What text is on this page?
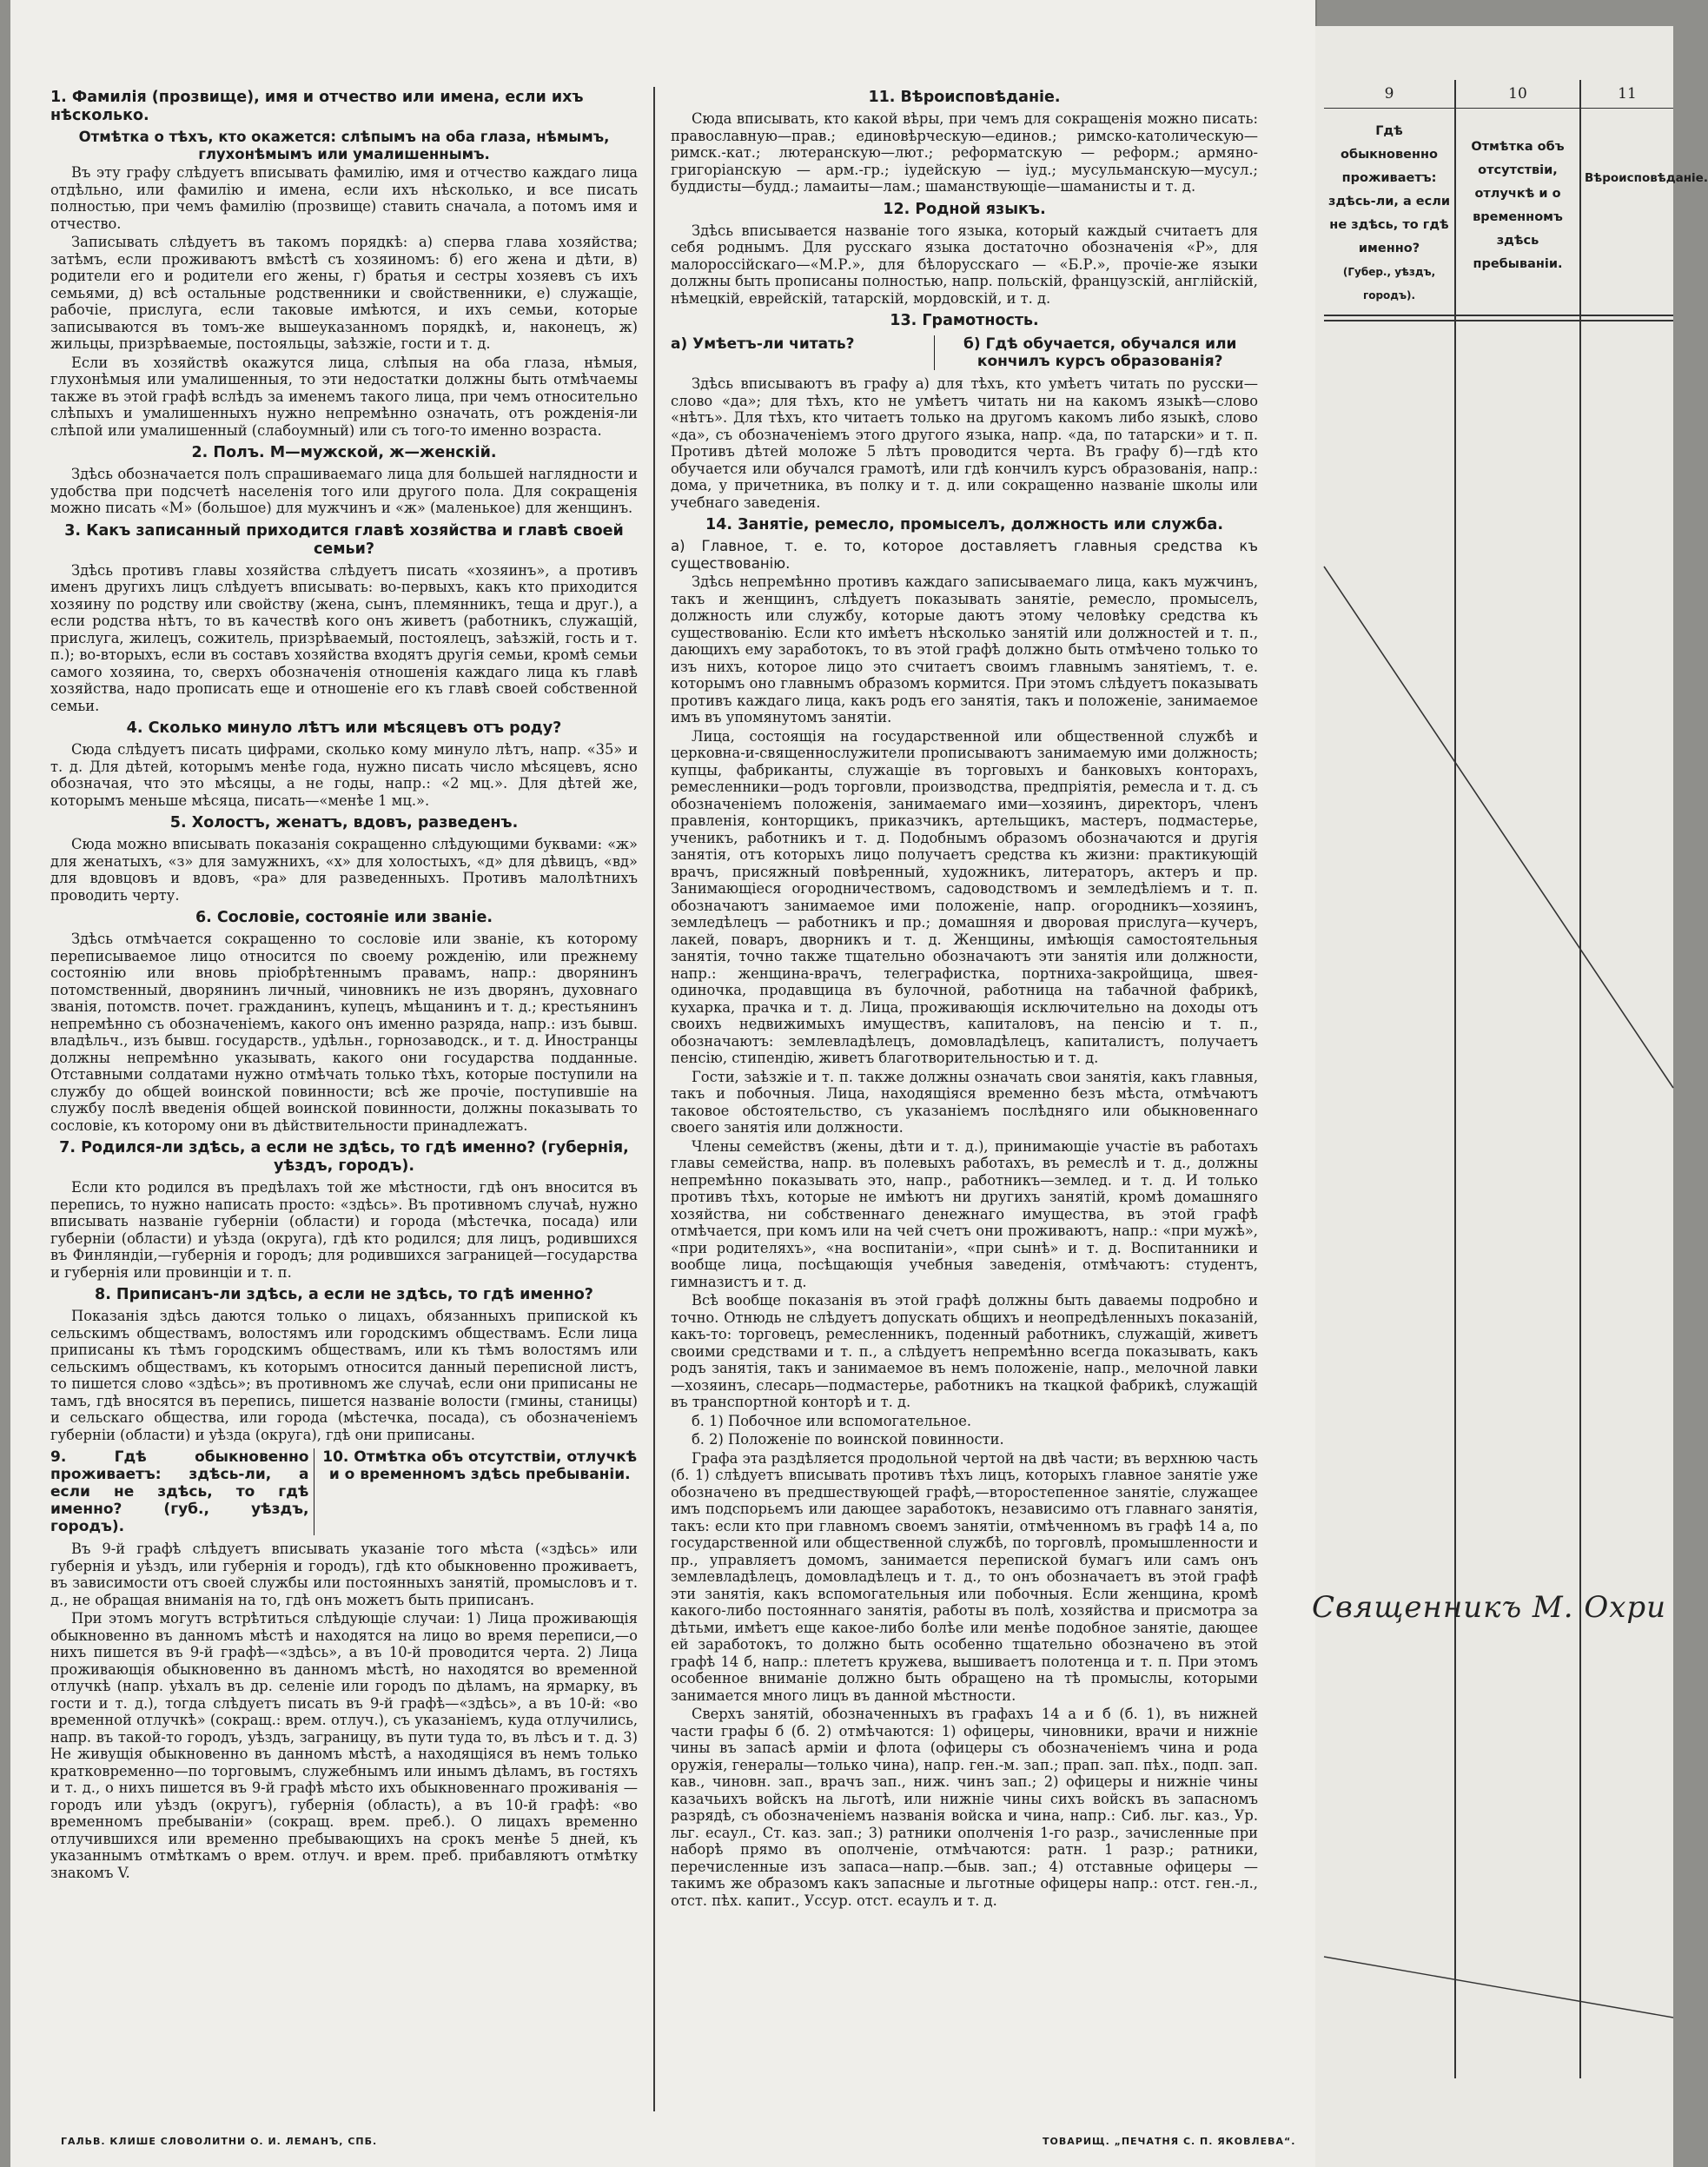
1. Фамилія (прозвище), имя и отчество или имена, если ихъ нѣсколько.

Отмѣтка о тѣхъ, кто окажется: слѣпымъ на оба глаза, нѣмымъ, глухонѣмымъ или умалишеннымъ.

Въ эту графу слѣдуетъ вписывать фамилію, имя и отчество каждаго лица отдѣльно, или фамилію и имена, если ихъ нѣсколько, и все писать полностью, при чемъ фамилію (прозвище) ставить сначала, а потомъ имя и отчество.

Записывать слѣдуетъ въ такомъ порядкѣ: а) сперва глава хозяйства; затѣмъ, если проживаютъ вмѣстѣ съ хозяиномъ: б) его жена и дѣти, в) родители его и родители его жены, г) братья и сестры хозяевъ съ ихъ семьями, д) всѣ остальные родственники и свойственники, е) служащіе, рабочіе, прислуга, если таковые имѣются, и ихъ семьи, которые записываются въ томъ-же вышеуказанномъ порядкѣ, и, наконецъ, ж) жильцы, призрѣваемые, постояльцы, заѣзжіе, гости и т. д.

Если въ хозяйствѣ окажутся лица, слѣпыя на оба глаза, нѣмыя, глухонѣмыя или умалишенныя, то эти недостатки должны быть отмѣчаемы также въ этой графѣ вслѣдъ за именемъ такого лица, при чемъ относительно слѣпыхъ и умалишенныхъ нужно непремѣнно означать, отъ рожденія-ли слѣпой или умалишенный (слабоумный) или съ того-то именно возраста.

2. Полъ. М—мужской, ж—женскій.

Здѣсь обозначается полъ спрашиваемаго лица для большей наглядности и удобства при подсчетѣ населенія того или другого пола. Для сокращенія можно писать «М» (большое) для мужчинъ и «ж» (маленькое) для женщинъ.

3. Какъ записанный приходится главѣ хозяйства и главѣ своей семьи?

Здѣсь противъ главы хозяйства слѣдуетъ писать «хозяинъ», а противъ именъ другихъ лицъ слѣдуетъ вписывать: во-первыхъ, какъ кто приходится хозяину по родству или свойству (жена, сынъ, племянникъ, теща и друг.), а если родства нѣтъ, то въ качествѣ кого онъ живетъ (работникъ, служащій, прислуга, жилецъ, сожитель, призрѣваемый, постоялецъ, заѣзжій, гость и т. п.); во-вторыхъ, если въ составъ хозяйства входятъ другія семьи, кромѣ семьи самого хозяина, то, сверхъ обозначенія отношенія каждаго лица къ главѣ хозяйства, надо прописать еще и отношеніе его къ главѣ своей собственной семьи.

4. Сколько минуло лѣтъ или мѣсяцевъ отъ роду?

Сюда слѣдуетъ писать цифрами, сколько кому минуло лѣтъ, напр. «35» и т. д. Для дѣтей, которымъ менѣе года, нужно писать число мѣсяцевъ, ясно обозначая, что это мѣсяцы, а не годы, напр.: «2 мц.». Для дѣтей же, которымъ меньше мѣсяца, писать—«менѣе 1 мц.».

5. Холостъ, женатъ, вдовъ, разведенъ.

Сюда можно вписывать показанія сокращенно слѣдующими буквами: «ж» для женатыхъ, «з» для замужнихъ, «х» для холостыхъ, «д» для дѣвицъ, «вд» для вдовцовъ и вдовъ, «ра» для разведенныхъ. Противъ малолѣтнихъ проводить черту.

6. Сословіе, состояніе или званіе.

Здѣсь отмѣчается сокращенно то сословіе или званіе, къ которому переписываемое лицо относится по своему рожденію, или прежнему состоянію или вновь пріобрѣтеннымъ правамъ, напр.: дворянинъ потомственный, дворянинъ личный, чиновникъ не изъ дворянъ, духовнаго званія, потомств. почет. гражданинъ, купецъ, мѣщанинъ и т. д.; крестьянинъ непремѣнно съ обозначеніемъ, какого онъ именно разряда, напр.: изъ бывш. владѣльч., изъ бывш. государств., удѣльн., горнозаводск., и т. д. Иностранцы должны непремѣнно указывать, какого они государства подданные. Отставными солдатами нужно отмѣчать только тѣхъ, которые поступили на службу до общей воинской повинности; всѣ же прочіе, поступившіе на службу послѣ введенія общей воинской повинности, должны показывать то сословіе, къ которому они въ дѣйствительности принадлежатъ.

7. Родился-ли здѣсь, а если не здѣсь, то гдѣ именно? (губернія, уѣздъ, городъ).

Если кто родился въ предѣлахъ той же мѣстности, гдѣ онъ вносится въ перепись, то нужно написать просто: «здѣсь». Въ противномъ случаѣ, нужно вписывать названіе губерніи (области) и города (мѣстечка, посада) или губерніи (области) и уѣзда (округа), гдѣ кто родился; для лицъ, родившихся въ Финляндіи,—губернія и городъ; для родившихся заграницей—государства и губернія или провинціи и т. п.

8. Приписанъ-ли здѣсь, а если не здѣсь, то гдѣ именно?

Показанія здѣсь даются только о лицахъ, обязанныхъ припиской къ сельскимъ обществамъ, волостямъ или городскимъ обществамъ. Если лица приписаны къ тѣмъ городскимъ обществамъ, или къ тѣмъ волостямъ или сельскимъ обществамъ, къ которымъ относится данный переписной листъ, то пишется слово «здѣсь»; въ противномъ же случаѣ, если они приписаны не тамъ, гдѣ вносятся въ перепись, пишется названіе волости (гмины, станицы) и сельскаго общества, или города (мѣстечка, посада), съ обозначеніемъ губерніи (области) и уѣзда (округа), гдѣ они приписаны.

9. Гдѣ обыкновенно проживаетъ: здѣсь-ли, а если не здѣсь, то гдѣ именно? (губ., уѣздъ, городъ).
10. Отмѣтка объ отсутствіи, отлучкѣ и о временномъ здѣсь пребываніи.

Въ 9-й графѣ слѣдуетъ вписывать указаніе того мѣста («здѣсь» или губернія и уѣздъ, или губернія и городъ), гдѣ кто обыкновенно проживаетъ, въ зависимости отъ своей службы или постоянныхъ занятій, промысловъ и т. д., не обращая вниманія на то, гдѣ онъ можетъ быть приписанъ.

При этомъ могутъ встрѣтиться слѣдующіе случаи: 1) Лица проживающія обыкновенно въ данномъ мѣстѣ и находятся на лицо во время переписи,—о нихъ пишется въ 9-й графѣ—«здѣсь», а въ 10-й проводится черта. 2) Лица проживающія обыкновенно въ данномъ мѣстѣ, но находятся во временной отлучкѣ (напр. уѣхалъ въ др. селеніе или городъ по дѣламъ, на ярмарку, въ гости и т. д.), тогда слѣдуетъ писать въ 9-й графѣ—«здѣсь», а въ 10-й: «во временной отлучкѣ» (сокращ.: врем. отлуч.), съ указаніемъ, куда отлучились, напр. въ такой-то городъ, уѣздъ, заграницу, въ пути туда то, въ лѣсъ и т. д. 3) Не живущія обыкновенно въ данномъ мѣстѣ, а находящіяся въ немъ только кратковременно—по торговымъ, служебнымъ или инымъ дѣламъ, въ гостяхъ и т. д., о нихъ пишется въ 9-й графѣ мѣсто ихъ обыкновеннаго проживанія — городъ или уѣздъ (округъ), губернія (область), а въ 10-й графѣ: «во временномъ пребываніи» (сокращ. врем. преб.). О лицахъ временно отлучившихся или временно пребывающихъ на срокъ менѣе 5 дней, къ указаннымъ отмѣткамъ о врем. отлуч. и врем. преб. прибавляютъ отмѣтку знакомъ V.

11. Вѣроисповѣданіе.

Сюда вписывать, кто какой вѣры, при чемъ для сокращенія можно писать: православную—прав.; единовѣрческую—единов.; римско-католическую—римск.-кат.; лютеранскую—лют.; реформатскую — реформ.; армяно-григоріанскую — арм.-гр.; іудейскую — іуд.; мусульманскую—мусул.; буддисты—будд.; ламаиты—лам.; шаманствующіе—шаманисты и т. д.

12. Родной языкъ.

Здѣсь вписывается названіе того языка, который каждый считаетъ для себя роднымъ. Для русскаго языка достаточно обозначенія «Р», для малороссійскаго—«М.Р.», для бѣлорусскаго — «Б.Р.», прочіе-же языки должны быть прописаны полностью, напр. польскій, французскій, англійскій, нѣмецкій, еврейскій, татарскій, мордовскій, и т. д.

13. Грамотность.
а) Умѣетъ-ли читать?	б) Гдѣ обучается, обучался или кончилъ курсъ образованія?

Здѣсь вписываютъ въ графу а) для тѣхъ, кто умѣетъ читать по русски—слово «да»; для тѣхъ, кто не умѣетъ читать ни на какомъ языкѣ—слово «нѣтъ». Для тѣхъ, кто читаетъ только на другомъ какомъ либо языкѣ, слово «да», съ обозначеніемъ этого другого языка, напр. «да, по татарски» и т. п. Противъ дѣтей моложе 5 лѣтъ проводится черта. Въ графу б)—гдѣ кто обучается или обучался грамотѣ, или гдѣ кончилъ курсъ образованія, напр.: дома, у причетника, въ полку и т. д. или сокращенно названіе школы или учебнаго заведенія.

14. Занятіе, ремесло, промыселъ, должность или служба.

а) Главное, т. е. то, которое доставляетъ главныя средства къ существованію.

Здѣсь непремѣнно противъ каждаго записываемаго лица, какъ мужчинъ, такъ и женщинъ, слѣдуетъ показывать занятіе, ремесло, промыселъ, должность или службу, которые даютъ этому человѣку средства къ существованію. Если кто имѣетъ нѣсколько занятій или должностей и т. п., дающихъ ему заработокъ, то въ этой графѣ должно быть отмѣчено только то изъ нихъ, которое лицо это считаетъ своимъ главнымъ занятіемъ, т. е. которымъ оно главнымъ образомъ кормится. При этомъ слѣдуетъ показывать противъ каждаго лица, какъ родъ его занятія, такъ и положеніе, занимаемое имъ въ упомянутомъ занятіи.

Лица, состоящія на государственной или общественной службѣ и церковна-и-священнослужители прописываютъ занимаемую ими должность; купцы, фабриканты, служащіе въ торговыхъ и банковыхъ конторахъ, ремесленники—родъ торговли, производства, предпріятія, ремесла и т. д. съ обозначеніемъ положенія, занимаемаго ими—хозяинъ, директоръ, членъ правленія, конторщикъ, приказчикъ, артельщикъ, мастеръ, подмастерье, ученикъ, работникъ и т. д. Подобнымъ образомъ обозначаются и другія занятія, отъ которыхъ лицо получаетъ средства къ жизни: практикующій врачъ, присяжный повѣренный, художникъ, литераторъ, актеръ и пр. Занимающіеся огородничествомъ, садоводствомъ и земледѣліемъ и т. п. обозначаютъ занимаемое ими положеніе, напр. огородникъ—хозяинъ, земледѣлецъ — работникъ и пр.; домашняя и дворовая прислуга—кучеръ, лакей, поваръ, дворникъ и т. д. Женщины, имѣющія самостоятельныя занятія, точно также тщательно обозначаютъ эти занятія или должности, напр.: женщина-врачъ, телеграфистка, портниха-закройщица, швея-одиночка, продавщица въ булочной, работница на табачной фабрикѣ, кухарка, прачка и т. д. Лица, проживающія исключительно на доходы отъ своихъ недвижимыхъ имуществъ, капиталовъ, на пенсію и т. п., обозначаютъ: землевладѣлецъ, домовладѣлецъ, капиталистъ, получаетъ пенсію, стипендію, живетъ благотворительностью и т. д.

Гости, заѣзжіе и т. п. также должны означать свои занятія, какъ главныя, такъ и побочныя. Лица, находящіяся временно безъ мѣста, отмѣчаютъ таковое обстоятельство, съ указаніемъ послѣдняго или обыкновеннаго своего занятія или должности.

Члены семействъ (жены, дѣти и т. д.), принимающіе участіе въ работахъ главы семейства, напр. въ полевыхъ работахъ, въ ремеслѣ и т. д., должны непремѣнно показывать это, напр., работникъ—землед. и т. д. И только противъ тѣхъ, которые не имѣютъ ни другихъ занятій, кромѣ домашняго хозяйства, ни собственнаго денежнаго имущества, въ этой графѣ отмѣчается, при комъ или на чей счетъ они проживаютъ, напр.: «при мужѣ», «при родителяхъ», «на воспитаніи», «при сынѣ» и т. д. Воспитанники и вообще лица, посѣщающія учебныя заведенія, отмѣчаютъ: студентъ, гимназистъ и т. д.

Всѣ вообще показанія въ этой графѣ должны быть даваемы подробно и точно. Отнюдь не слѣдуетъ допускать общихъ и неопредѣленныхъ показаній, какъ-то: торговецъ, ремесленникъ, поденный работникъ, служащій, живетъ своими средствами и т. п., а слѣдуетъ непремѣнно всегда показывать, какъ родъ занятія, такъ и занимаемое въ немъ положеніе, напр., мелочной лавки—хозяинъ, слесарь—подмастерье, работникъ на ткацкой фабрикѣ, служащій въ транспортной конторѣ и т. д.

б. 1) Побочное или вспомогательное.

б. 2) Положеніе по воинской повинности.

Графа эта раздѣляется продольной чертой на двѣ части; въ верхнюю часть (б. 1) слѣдуетъ вписывать противъ тѣхъ лицъ, которыхъ главное занятіе уже обозначено въ предшествующей графѣ,—второстепенное занятіе, служащее имъ подспорьемъ или дающее заработокъ, независимо отъ главнаго занятія, такъ: если кто при главномъ своемъ занятіи, отмѣченномъ въ графѣ 14 а, по государственной или общественной службѣ, по торговлѣ, промышленности и пр., управляетъ домомъ, занимается перепиской бумагъ или самъ онъ землевладѣлецъ, домовладѣлецъ и т. д., то онъ обозначаетъ въ этой графѣ эти занятія, какъ вспомогательныя или побочныя. Если женщина, кромѣ какого-либо постояннаго занятія, работы въ полѣ, хозяйства и присмотра за дѣтьми, имѣетъ еще какое-либо болѣе или менѣе подобное занятіе, дающее ей заработокъ, то должно быть особенно тщательно обозначено въ этой графѣ 14 б, напр.: плететъ кружева, вышиваетъ полотенца и т. п. При этомъ особенное вниманіе должно быть обращено на тѣ промыслы, которыми занимается много лицъ въ данной мѣстности.

Сверхъ занятій, обозначенныхъ въ графахъ 14 а и б (б. 1), въ нижней части графы б (б. 2) отмѣчаются: 1) офицеры, чиновники, врачи и нижніе чины въ запасѣ арміи и флота (офицеры съ обозначеніемъ чина и рода оружія, генералы—только чина), напр. ген.-м. зап.; прап. зап. пѣх., подп. зап. кав., чиновн. зап., врачъ зап., ниж. чинъ зап.; 2) офицеры и нижніе чины казачьихъ войскъ на льготѣ, или нижніе чины сихъ войскъ въ запасномъ разрядѣ, съ обозначеніемъ названія войска и чина, напр.: Сиб. льг. каз., Ур. льг. есаул., Ст. каз. зап.; 3) ратники ополченія 1-го разр., зачисленные при наборѣ прямо въ ополченіе, отмѣчаются: ратн. 1 разр.; ратники, перечисленные изъ запаса—напр.—быв. зап.; 4) отставные офицеры — такимъ же образомъ какъ запасные и льготные офицеры напр.: отст. ген.-л., отст. пѣх. капит., Уссур. отст. есаулъ и т. д.

ГАЛЬВ. КЛИШЕ СЛОВОЛИТНИ О. И. ЛЕМАНЪ, СПБ.	ТОВАРИЩ. „ПЕЧАТНЯ С. П. ЯКОВЛЕВА“.
9	10	11
Гдѣ обыкновенно проживаетъ: здѣсь-ли, а если не здѣсь, то гдѣ именно?
(Губер., уѣздъ, городъ).
Отмѣтка объ отсутствіи, отлучкѣ и о временномъ здѣсь пребываніи.
Вѣроисповѣданіе.
Священникъ М. Охри
